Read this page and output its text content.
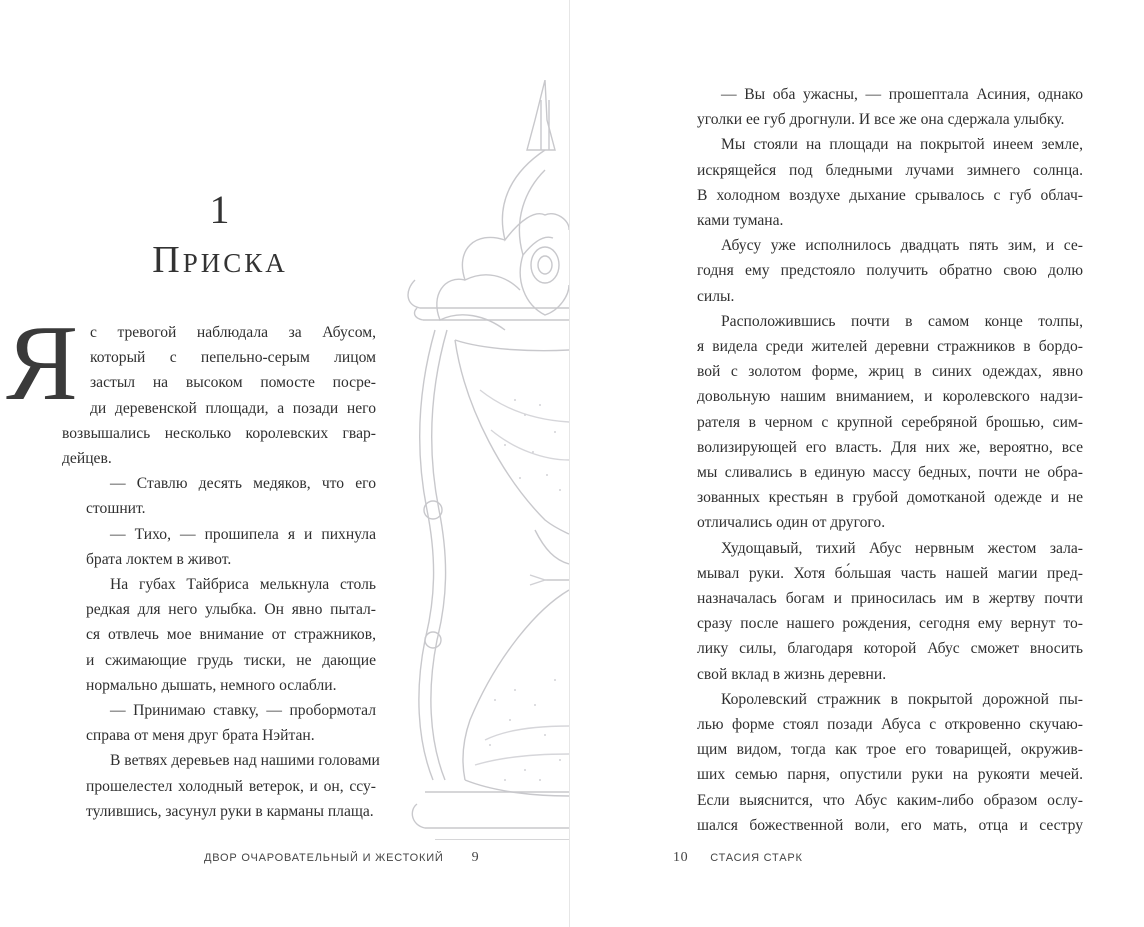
1
Приска
Я с тревогой наблюдала за Абусом,
который с пепельно-серым лицом
застыл на высоком помосте посре-
ди деревенской площади, а позади него

возвышались несколько королевских гвар-
дейцев.

— Ставлю десять медяков, что его
стошнит.

— Тихо, — прошипела я и пихнула
брата локтем в живот.

На губах Тайбриса мелькнула столь
редкая для него улыбка. Он явно пытал-
ся отвлечь мое внимание от стражников,
и сжимающие грудь тиски, не дающие
нормально дышать, немного ослабли.

— Принимаю ставку, — пробормотал
справа от меня друг брата Нэйтан.

В ветвях деревьев над нашими головами
прошелестел холодный ветерок, и он, ссу-
тулившись, засунул руки в карманы плаща.

ДВОР ОЧАРОВАТЕЛЬНЫЙ И ЖЕСТОКИЙ 9

— Вы оба ужасны, — прошептала Асиния, однако
уголки ее губ дрогнули. И все же она сдержала улыбку.

Мы стояли на площади на покрытой инеем земле,
искрящейся под бледными лучами зимнего солнца.
В холодном воздухе дыхание срывалось с губ облач-
ками тумана.

Абусу уже исполнилось двадцать пять зим, и се-
годня ему предстояло получить обратно свою долю
силы.

Расположившись почти в самом конце толпы,
я видела среди жителей деревни стражников в бордо-
вой с золотом форме, жриц в синих одеждах, явно
довольную нашим вниманием, и королевского надзи-
рателя в черном с крупной серебряной брошью, сим-
волизирующей его власть. Для них же, вероятно, все
мы сливались в единую массу бедных, почти не обра-
зованных крестьян в грубой домотканой одежде и не
отличались один от другого.

Худощавый, тихий Абус нервным жестом зала-
мывал руки. Хотя бо́льшая часть нашей магии пред-
назначалась богам и приносилась им в жертву почти
сразу после нашего рождения, сегодня ему вернут то-
лику силы, благодаря которой Абус сможет вносить
свой вклад в жизнь деревни.

Королевский стражник в покрытой дорожной пы-
лью форме стоял позади Абуса с откровенно скучаю-
щим видом, тогда как трое его товарищей, окружив-
ших семью парня, опустили руки на рукояти мечей.
Если выяснится, что Абус каким-либо образом ослу-
шался божественной воли, его мать, отца и сестру

10 СТАСИЯ СТАРК
